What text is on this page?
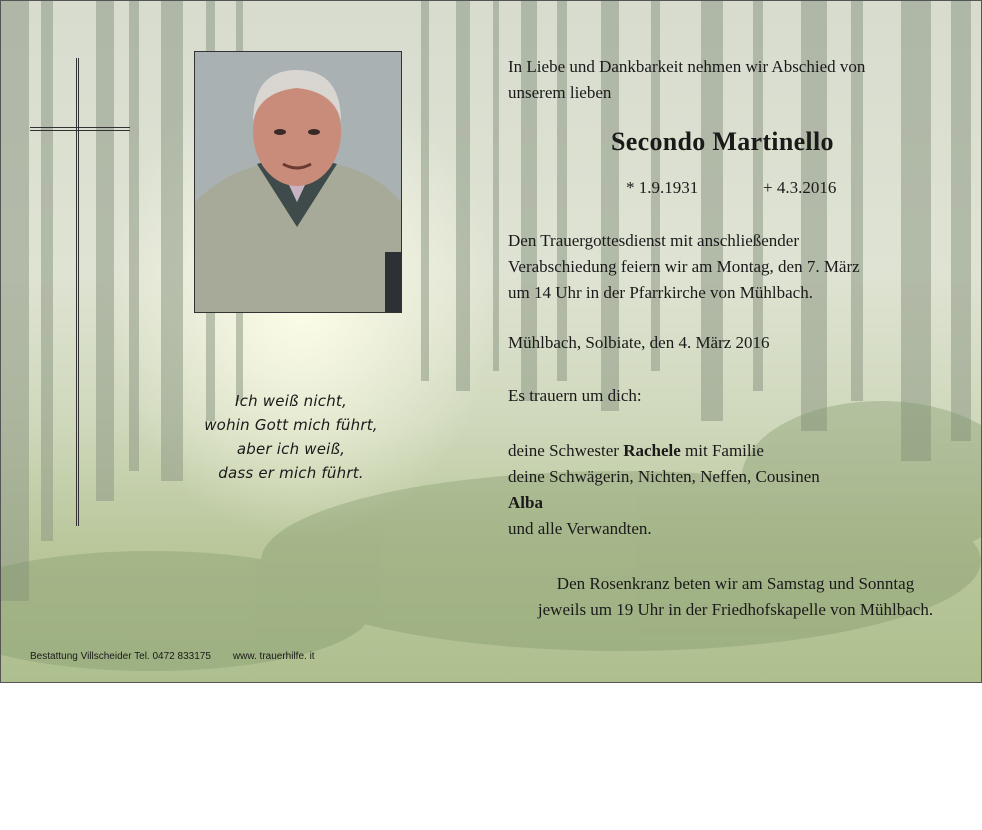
Ich weiß nicht,
wohin Gott mich führt,
aber ich weiß,
dass er mich führt.
In Liebe und Dankbarkeit nehmen wir Abschied von
unserem lieben
Secondo Martinello
* 1.9.1931	+ 4.3.2016
Den Trauergottesdienst mit anschließender
Verabschiedung feiern wir am Montag, den 7. März
um 14 Uhr in der Pfarrkirche von Mühlbach.
Mühlbach, Solbiate, den 4. März 2016
Es trauern um dich:
deine Schwester Rachele mit Familie
deine Schwägerin, Nichten, Neffen, Cousinen
Alba
und alle Verwandten.
Den Rosenkranz beten wir am Samstag und Sonntag
jeweils um 19 Uhr in der Friedhofskapelle von Mühlbach.
Bestattung Villscheider Tel. 0472 833175 www. trauerhilfe. it
